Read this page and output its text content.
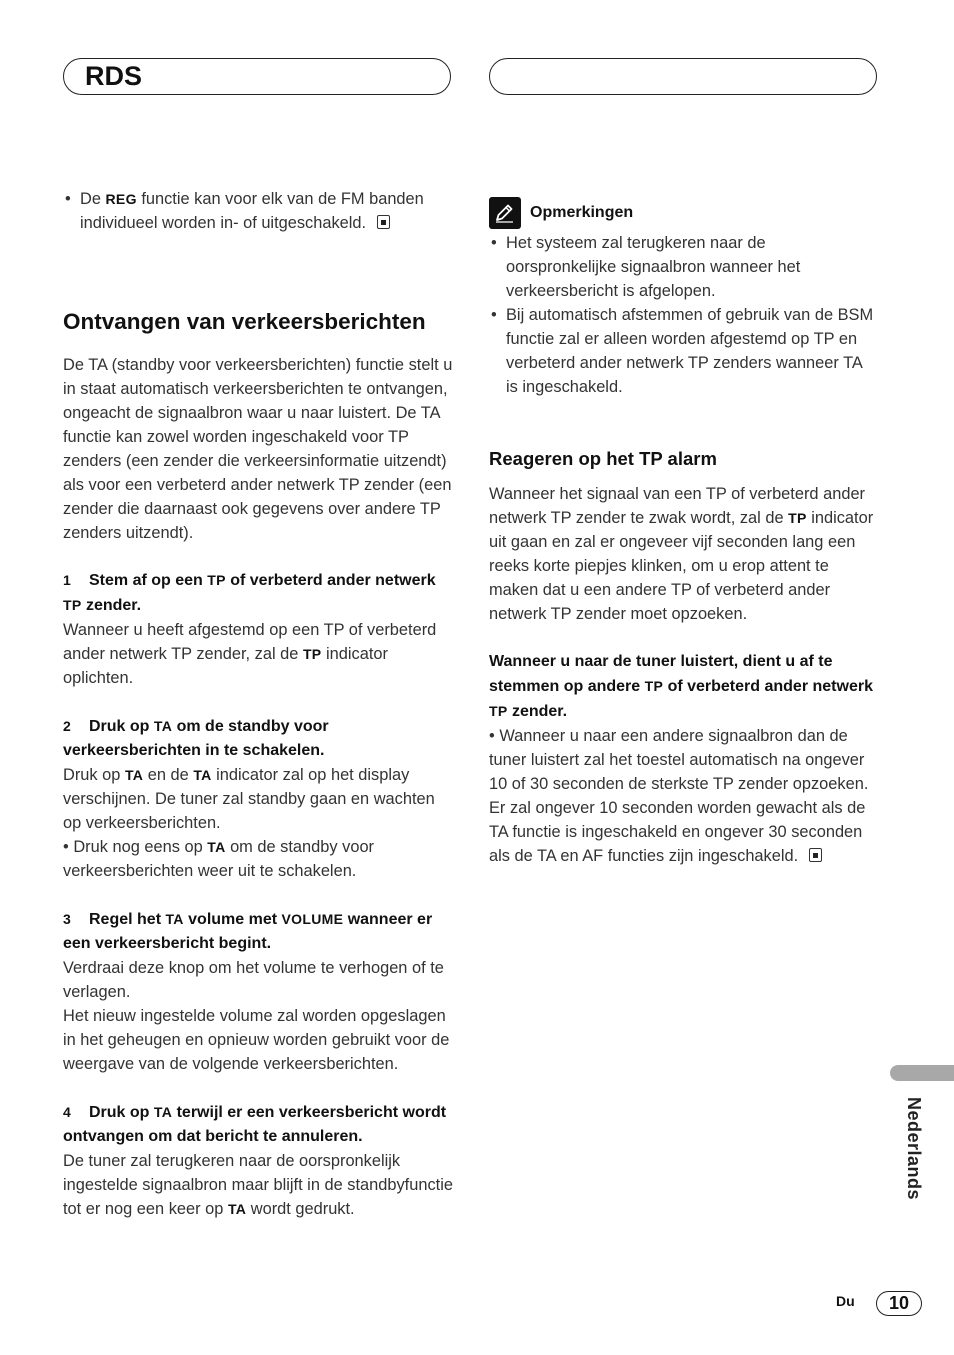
RDS

• De REG functie kan voor elk van de FM banden individueel worden in- of uitgeschakeld.

Ontvangen van verkeersberichten

De TA (standby voor verkeersberichten) functie stelt u in staat automatisch verkeersberichten te ontvangen, ongeacht de signaalbron waar u naar luistert. De TA functie kan zowel worden ingeschakeld voor TP zenders (een zender die verkeersinformatie uitzendt) als voor een verbeterd ander netwerk TP zender (een zender die daarnaast ook gegevens over andere TP zenders uitzendt).

1 Stem af op een TP of verbeterd ander netwerk TP zender.

Wanneer u heeft afgestemd op een TP of verbeterd ander netwerk TP zender, zal de TP indicator oplichten.

2 Druk op TA om de standby voor verkeersberichten in te schakelen.

Druk op TA en de TA indicator zal op het display verschijnen. De tuner zal standby gaan en wachten op verkeersberichten.

• Druk nog eens op TA om de standby voor verkeersberichten weer uit te schakelen.

3 Regel het TA volume met VOLUME wanneer er een verkeersbericht begint.

Verdraai deze knop om het volume te verhogen of te verlagen.

Het nieuw ingestelde volume zal worden opgeslagen in het geheugen en opnieuw worden gebruikt voor de weergave van de volgende verkeersberichten.

4 Druk op TA terwijl er een verkeersbericht wordt ontvangen om dat bericht te annuleren.

De tuner zal terugkeren naar de oorspronkelijk ingestelde signaalbron maar blijft in de standbyfunctie tot er nog een keer op TA wordt gedrukt.

Opmerkingen

• Het systeem zal terugkeren naar de oorspronkelijke signaalbron wanneer het verkeersbericht is afgelopen.

• Bij automatisch afstemmen of gebruik van de BSM functie zal er alleen worden afgestemd op TP en verbeterd ander netwerk TP zenders wanneer TA is ingeschakeld.

Reageren op het TP alarm

Wanneer het signaal van een TP of verbeterd ander netwerk TP zender te zwak wordt, zal de TP indicator uit gaan en zal er ongeveer vijf seconden lang een reeks korte piepjes klinken, om u erop attent te maken dat u een andere TP of verbeterd ander netwerk TP zender moet opzoeken.

Wanneer u naar de tuner luistert, dient u af te stemmen op andere TP of verbeterd ander netwerk TP zender.

• Wanneer u naar een andere signaalbron dan de tuner luistert zal het toestel automatisch na ongever 10 of 30 seconden de sterkste TP zender opzoeken. Er zal ongever 10 seconden worden gewacht als de TA functie is ingeschakeld en ongever 30 seconden als de TA en AF functies zijn ingeschakeld.

Nederlands
Du	10
